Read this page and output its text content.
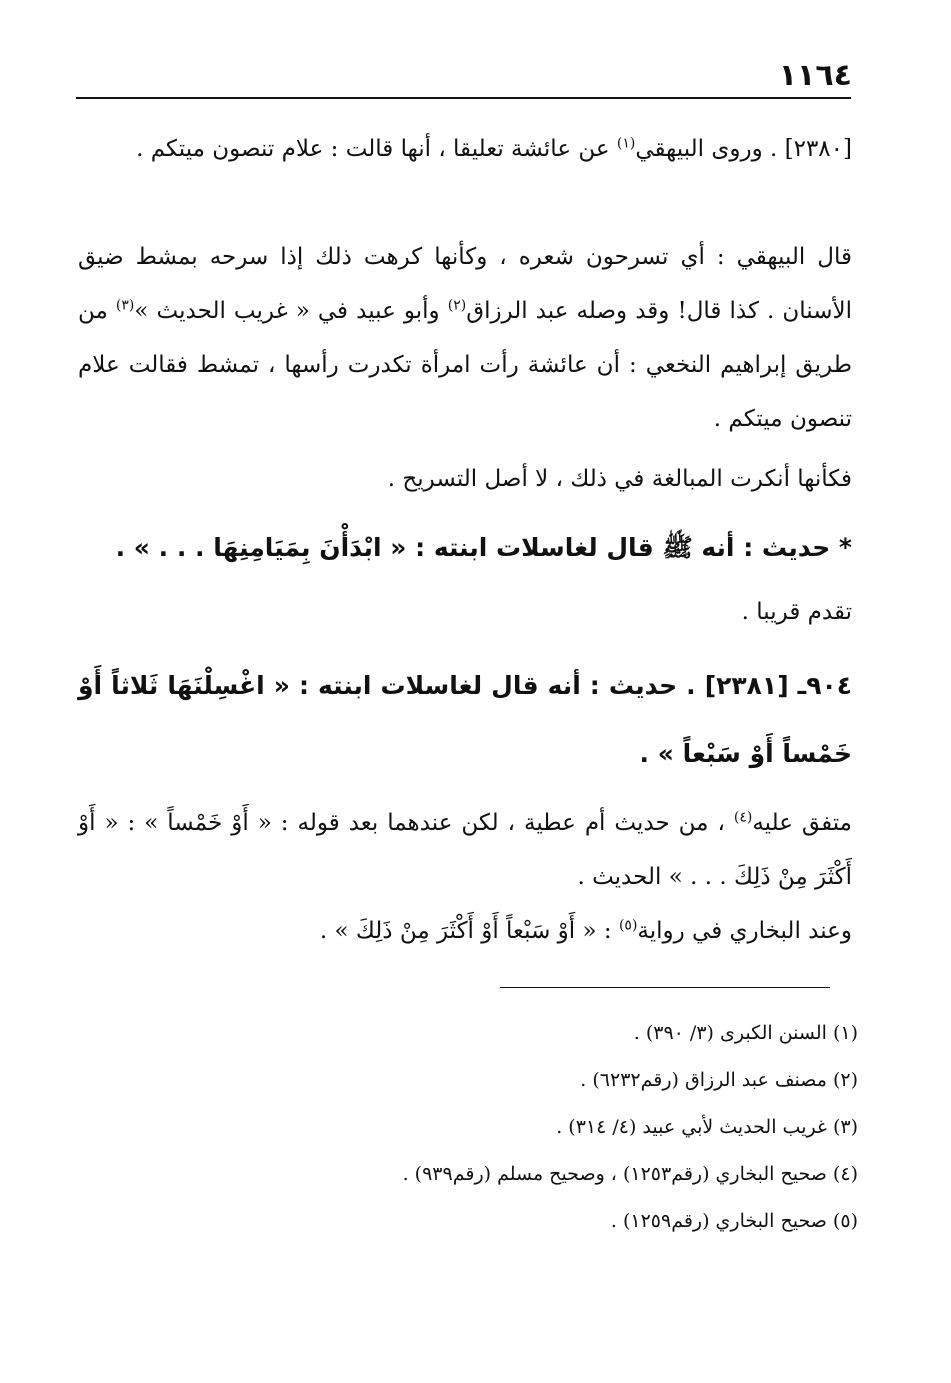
١١٦٤

[٢٣٨٠] . وروى البيهقي$^{(١)}$ عن عائشة تعليقا ، أنها قالت : علام تنصون ميتكم .

قال البيهقي : أي تسرحون شعره ، وكأنها كرهت ذلك إذا سرحه بمشط ضيق الأسنان . كذا قال! وقد وصله عبد الرزاق$^{(٢)}$ وأبو عبيد في « غريب الحديث »$^{(٣)}$ من طريق إبراهيم النخعي : أن عائشة رأت امرأة تكدرت رأسها ، تمشط فقالت علام تنصون ميتكم .

فكأنها أنكرت المبالغة في ذلك ، لا أصل التسريح .

* حديث : أنه ﷺ قال لغاسلات ابنته : « ابْدَأْنَ بِمَيَامِنِهَا . . . » .

تقدم قريبا .

٩٠٤ـ [٢٣٨١] . حديث : أنه قال لغاسلات ابنته : « اغْسِلْنَهَا ثَلاثاً أَوْ خَمْساً أَوْ سَبْعاً » .

متفق عليه$^{(٤)}$ ، من حديث أم عطية ، لكن عندهما بعد قوله : « أَوْ خَمْساً » : « أَوْ أَكْثَرَ مِنْ ذَلِكَ . . . » الحديث .

وعند البخاري في رواية$^{(٥)}$ : « أَوْ سَبْعاً أَوْ أَكْثَرَ مِنْ ذَلِكَ » .

(١) السنن الكبرى (٣/ ٣٩٠) .
(٢) مصنف عبد الرزاق (رقم٦٢٣٢) .
(٣) غريب الحديث لأبي عبيد (٤/ ٣١٤) .
(٤) صحيح البخاري (رقم١٢٥٣) ، وصحيح مسلم (رقم٩٣٩) .
(٥) صحيح البخاري (رقم١٢٥٩) .
